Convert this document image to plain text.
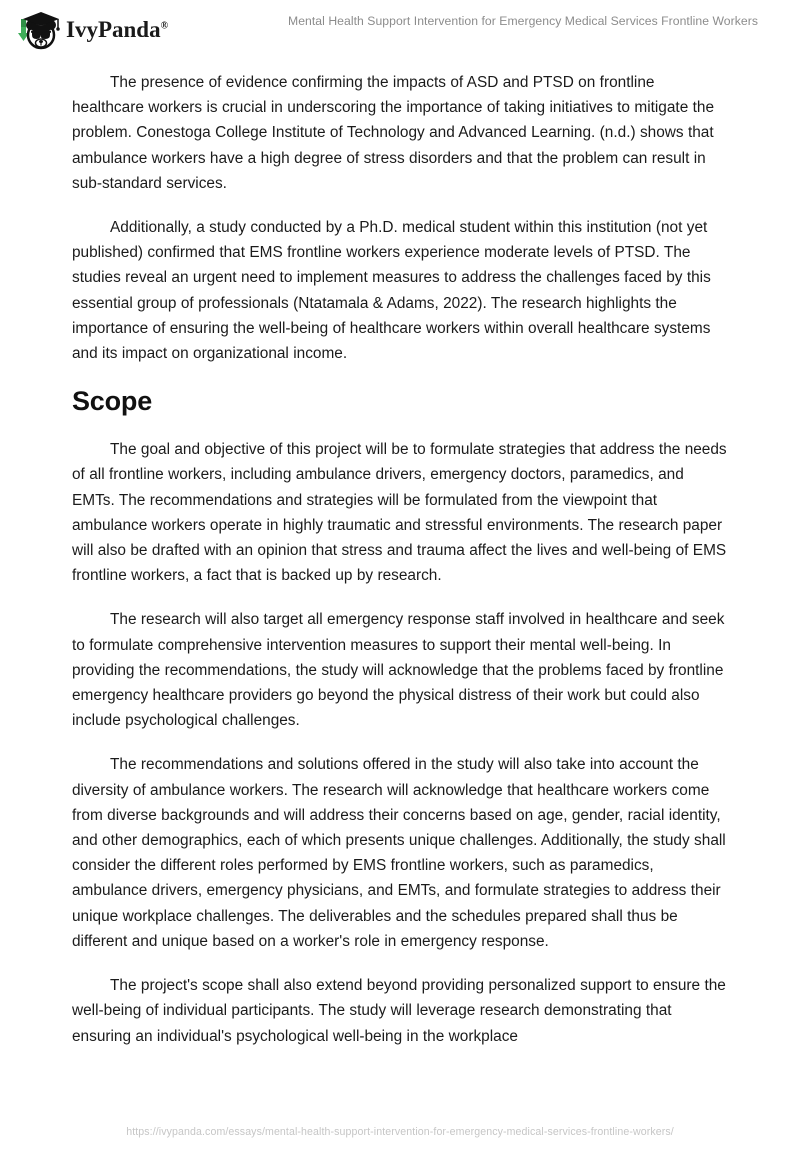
IvyPanda®	Mental Health Support Intervention for Emergency Medical Services Frontline Workers

The presence of evidence confirming the impacts of ASD and PTSD on frontline healthcare workers is crucial in underscoring the importance of taking initiatives to mitigate the problem. Conestoga College Institute of Technology and Advanced Learning. (n.d.) shows that ambulance workers have a high degree of stress disorders and that the problem can result in sub-standard services.

Additionally, a study conducted by a Ph.D. medical student within this institution (not yet published) confirmed that EMS frontline workers experience moderate levels of PTSD. The studies reveal an urgent need to implement measures to address the challenges faced by this essential group of professionals (Ntatamala & Adams, 2022). The research highlights the importance of ensuring the well-being of healthcare workers within overall healthcare systems and its impact on organizational income.

Scope

The goal and objective of this project will be to formulate strategies that address the needs of all frontline workers, including ambulance drivers, emergency doctors, paramedics, and EMTs. The recommendations and strategies will be formulated from the viewpoint that ambulance workers operate in highly traumatic and stressful environments. The research paper will also be drafted with an opinion that stress and trauma affect the lives and well-being of EMS frontline workers, a fact that is backed up by research.

The research will also target all emergency response staff involved in healthcare and seek to formulate comprehensive intervention measures to support their mental well-being. In providing the recommendations, the study will acknowledge that the problems faced by frontline emergency healthcare providers go beyond the physical distress of their work but could also include psychological challenges.

The recommendations and solutions offered in the study will also take into account the diversity of ambulance workers. The research will acknowledge that healthcare workers come from diverse backgrounds and will address their concerns based on age, gender, racial identity, and other demographics, each of which presents unique challenges. Additionally, the study shall consider the different roles performed by EMS frontline workers, such as paramedics, ambulance drivers, emergency physicians, and EMTs, and formulate strategies to address their unique workplace challenges. The deliverables and the schedules prepared shall thus be different and unique based on a worker's role in emergency response.

The project's scope shall also extend beyond providing personalized support to ensure the well-being of individual participants. The study will leverage research demonstrating that ensuring an individual's psychological well-being in the workplace

https://ivypanda.com/essays/mental-health-support-intervention-for-emergency-medical-services-frontline-workers/
